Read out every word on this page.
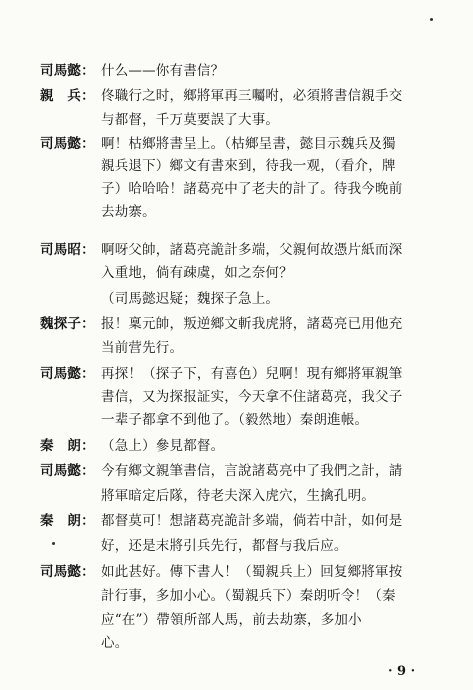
司馬懿： 什么——你有書信？
親　兵： 佟職行之时，鄉將軍再三囑咐，必須將書信親手交
与都督，千万莫要誤了大事。
司馬懿： 啊！枯鄉將書呈上。（枯鄉呈書，懿目示魏兵及獨
親兵退下）鄉文有書來到，待我一观，（看介，牌
子）哈哈哈！諸葛亮中了老夫的計了。待我今晚前
去劫寨。
司馬昭： 啊呀父帥，諸葛亮詭計多端，父親何故憑片紙而深
入重地，倘有疎虞，如之奈何？
（司馬懿迟疑；魏探子急上。
魏探子： 报！稟元帥，叛逆鄉文斬我虎將，諸葛亮已用他充
当前营先行。
司馬懿： 再探！（探子下，有喜色）兒啊！現有鄉將軍親筆
書信，又为探报証实，今天拿不住諸葛亮，我父子
一辈子都拿不到他了。（毅然地）秦朗進帳。
秦　朗： （急上）參見都督。
司馬懿： 今有鄉文親筆書信，言說諸葛亮中了我們之計，請
將軍暗定后隊，待老夫深入虎穴，生擒孔明。
秦　朗： 都督莫可！想諸葛亮詭計多端，倘若中計，如何是
好，还是末將引兵先行，都督与我后应。
司馬懿： 如此甚好。傳下書人！（蜀親兵上）回复鄉將軍按
計行事，多加小心。（蜀親兵下）秦朗听令！（秦
应“在”）帶領所部人馬，前去劫寨，多加小
心。
· 9 ·
